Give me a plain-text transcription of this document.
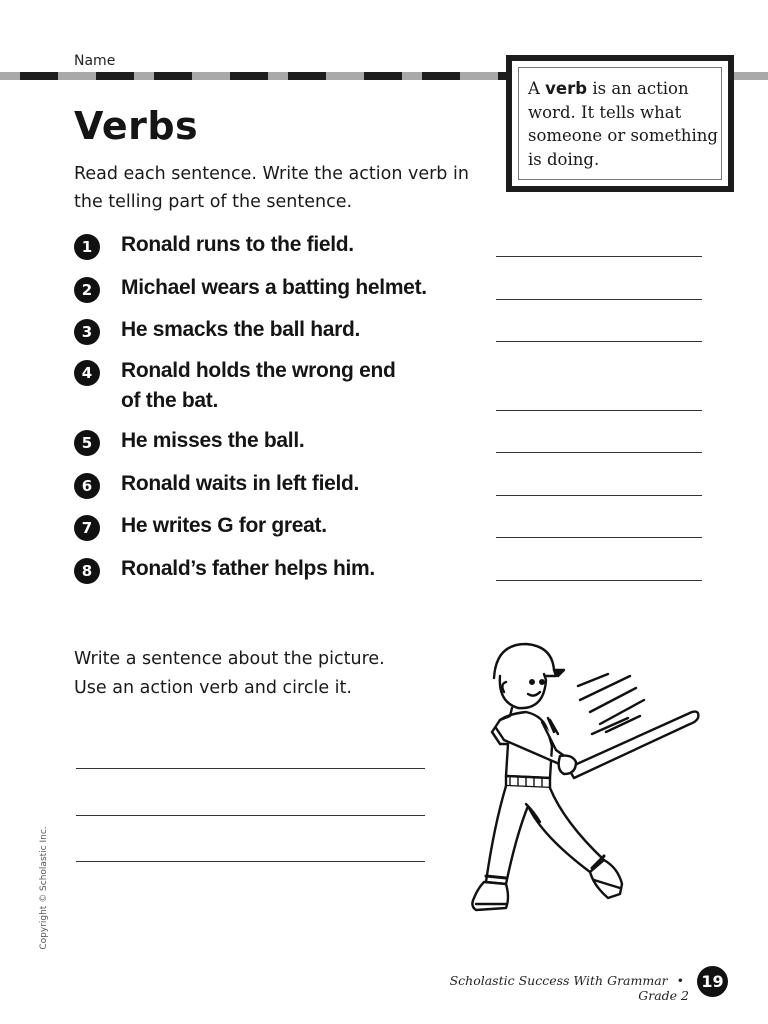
Name
A verb is an action word. It tells what someone or something is doing.
Verbs
Read each sentence. Write the action verb in the telling part of the sentence.
1	Ronald runs to the field.
2	Michael wears a batting helmet.
3	He smacks the ball hard.
4	Ronald holds the wrong end
of the bat.
5	He misses the ball.
6	Ronald waits in left field.
7	He writes G for great.
8	Ronald’s father helps him.
Write a sentence about the picture.
Use an action verb and circle it.
Copyright © Scholastic Inc.
Scholastic Success With Grammar • Grade 2
19
